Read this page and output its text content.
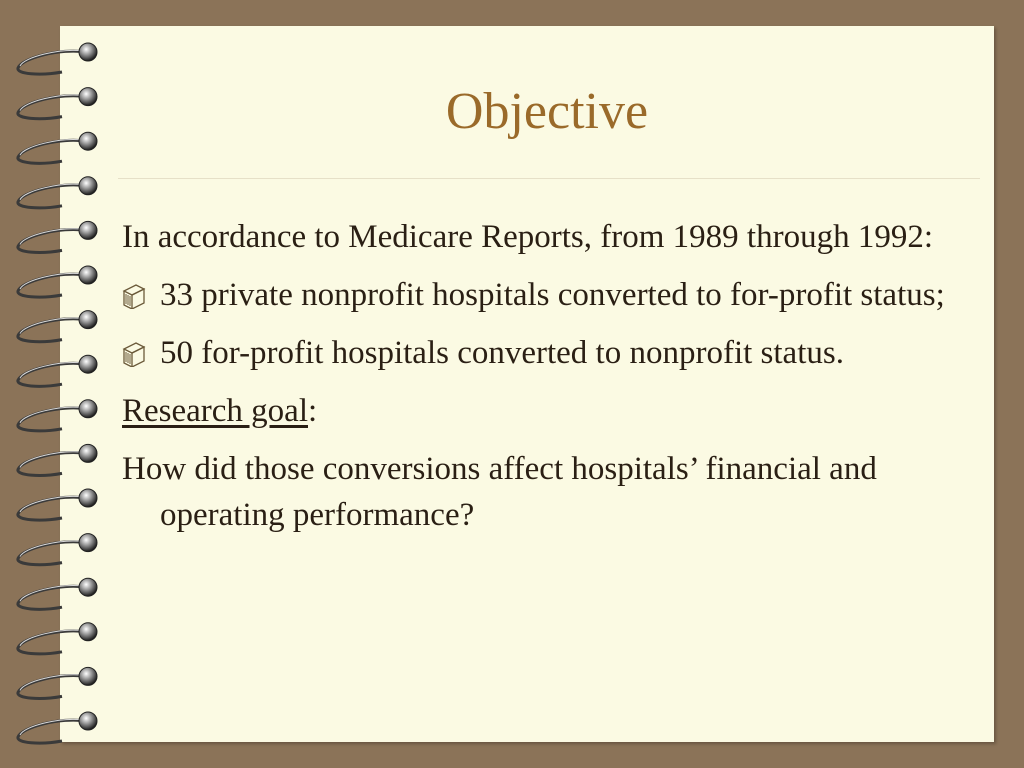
Objective

In accordance to Medicare Reports, from 1989 through 1992:

33 private nonprofit hospitals converted to for-profit status;

50 for-profit hospitals converted to nonprofit status.

Research goal:

How did those conversions affect hospitals’ financial and operating performance?
